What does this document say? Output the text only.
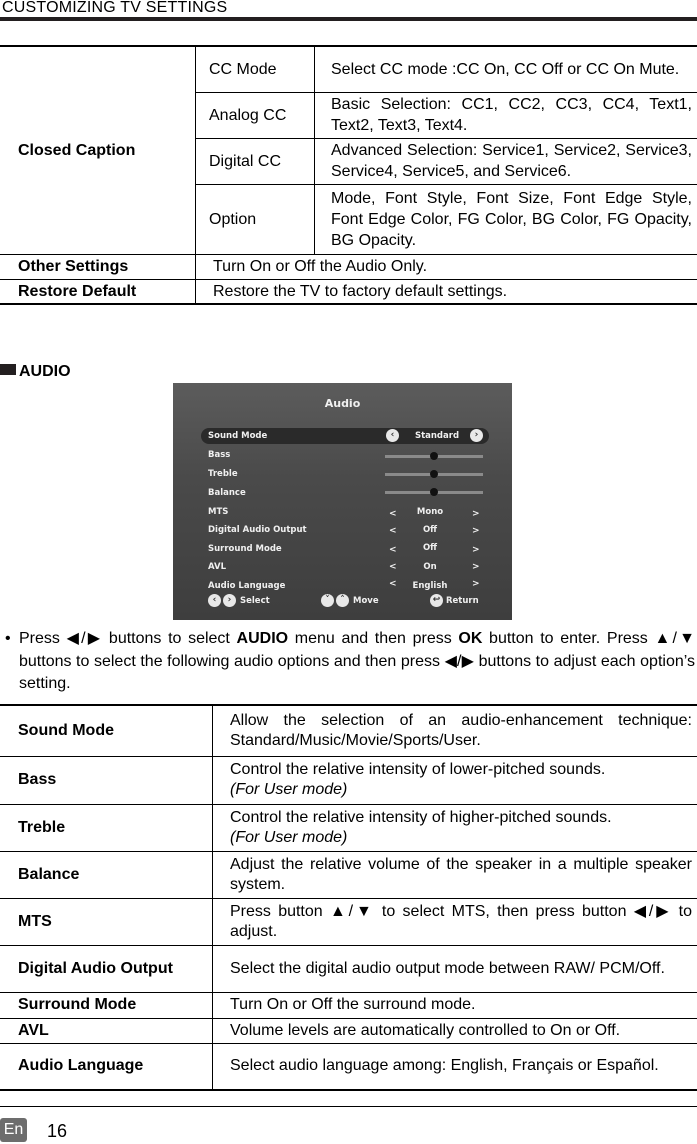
CUSTOMIZING TV SETTINGS
Closed Caption	CC Mode	Select CC mode :CC On, CC Off or CC On Mute.
	Analog CC	Basic Selection: CC1, CC2, CC3, CC4, Text1, Text2, Text3, Text4.
	Digital CC	Advanced Selection: Service1, Service2, Service3, Service4, Service5, and Service6.
	Option	Mode, Font Style, Font Size, Font Edge Style, Font Edge Color, FG Color, BG Color, FG Opacity, BG Opacity.
Other Settings	Turn On or Off the Audio Only.	
Restore Default	Restore the TV to factory default settings.	
AUDIO
Audio
Sound Mode	‹	Standard	›
Bass
Treble
Balance
MTS	<	Mono	>
Digital Audio Output	<	Off	>
Surround Mode	<	Off	>
AVL	<	On	>
Audio Language	<	English	>
‹	›	Select	˅	˄ Move	↩ Return
• Press ◀/▶ buttons to select AUDIO menu and then press OK button to enter. Press ▲/▼ buttons to select the following audio options and then press ◀/▶ buttons to adjust each option’s setting.
Sound Mode	Allow the selection of an audio-enhancement technique: Standard/Music/Movie/Sports/User.
Bass	Control the relative intensity of lower-pitched sounds.
(For User mode)
Treble	Control the relative intensity of higher-pitched sounds.
(For User mode)
Balance	Adjust the relative volume of the speaker in a multiple speaker system.
MTS	Press button ▲/▼ to select MTS, then press button ◀/▶ to adjust.
Digital Audio Output	Select the digital audio output mode between RAW/ PCM/Off.
Surround Mode	Turn On or Off the surround mode.
AVL	Volume levels are automatically controlled to On or Off.
Audio Language	Select audio language among: English, Français or Español.
En 16
